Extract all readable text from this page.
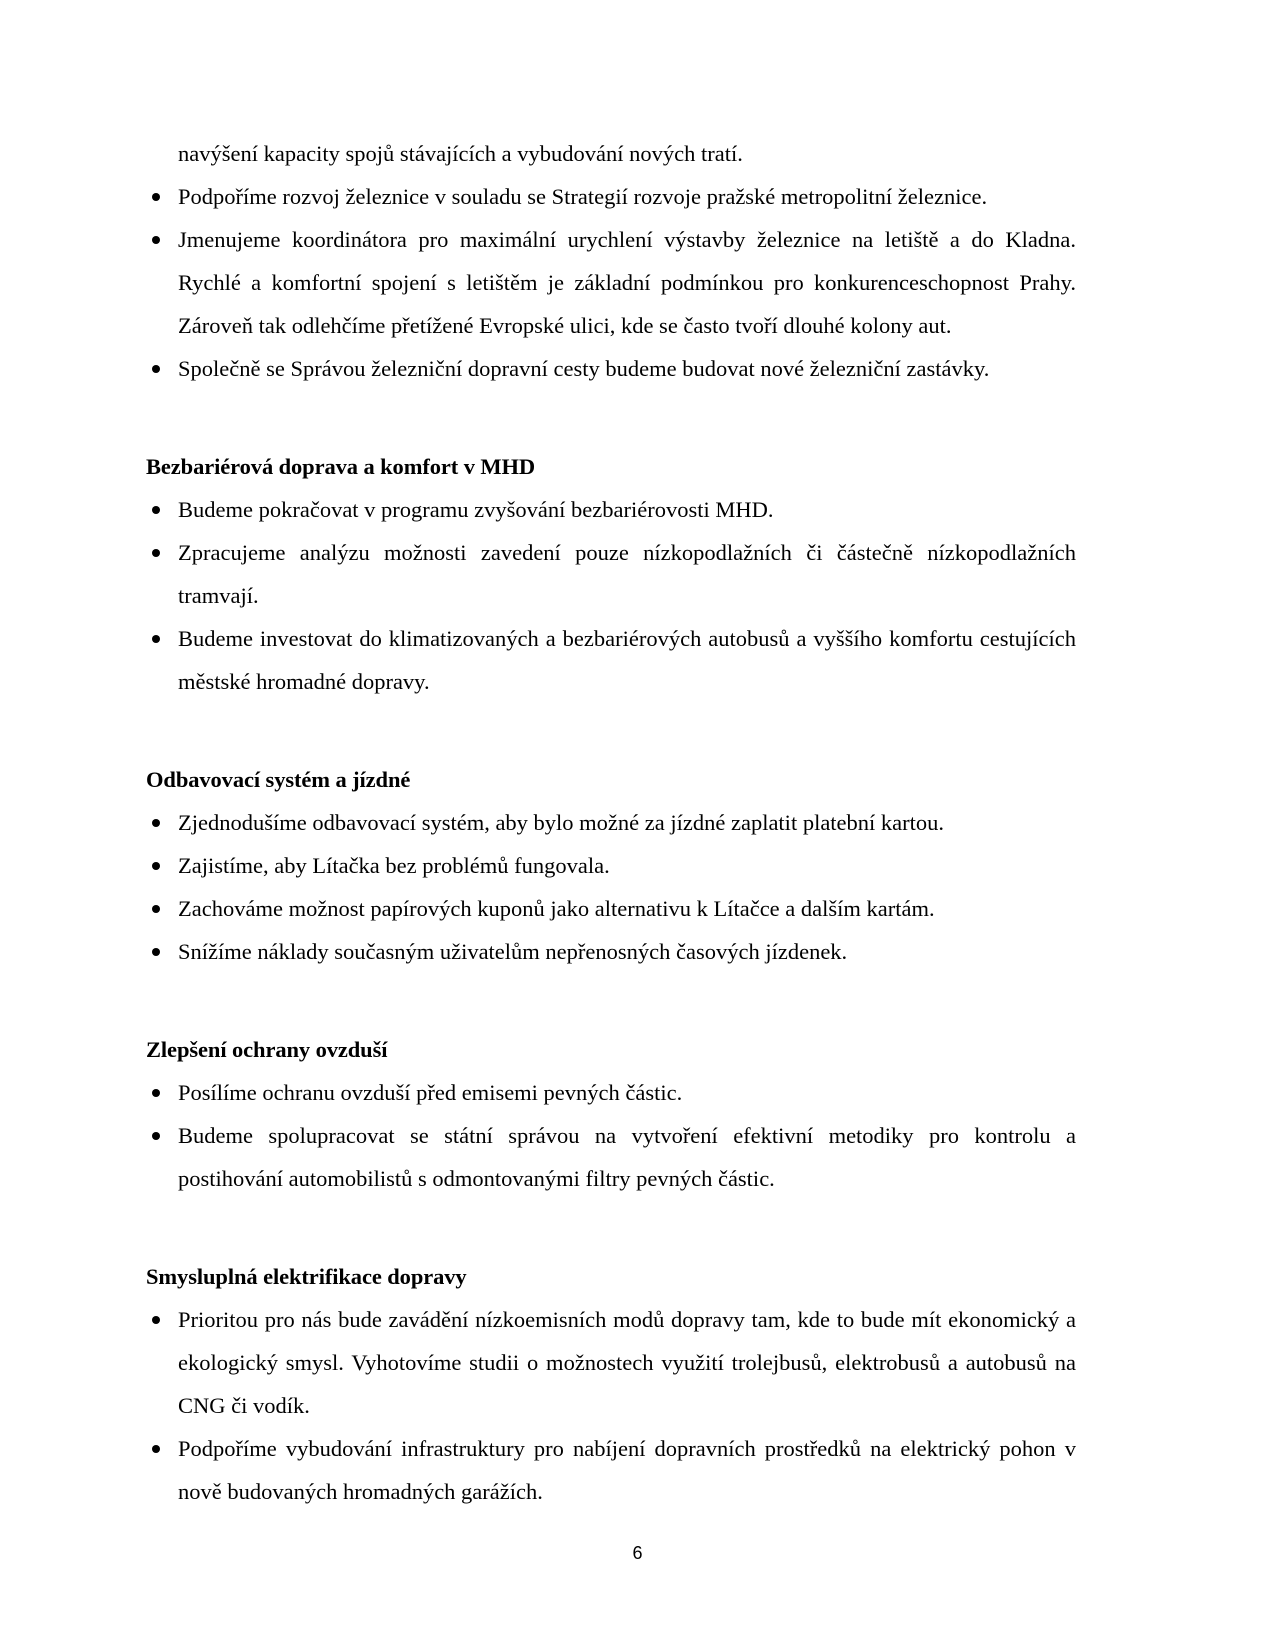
navýšení kapacity spojů stávajících a vybudování nových tratí.

Podpoříme rozvoj železnice v souladu se Strategií rozvoje pražské metropolitní železnice.
Jmenujeme koordinátora pro maximální urychlení výstavby železnice na letiště a do Kladna. Rychlé a komfortní spojení s letištěm je základní podmínkou pro konkurenceschopnost Prahy. Zároveň tak odlehčíme přetížené Evropské ulici, kde se často tvoří dlouhé kolony aut.
Společně se Správou železniční dopravní cesty budeme budovat nové železniční zastávky.
Bezbariérová doprava a komfort v MHD
Budeme pokračovat v programu zvyšování bezbariérovosti MHD.
Zpracujeme analýzu možnosti zavedení pouze nízkopodlažních či částečně nízkopodlažních tramvají.
Budeme investovat do klimatizovaných a bezbariérových autobusů a vyššího komfortu cestujících městské hromadné dopravy.
Odbavovací systém a jízdné
Zjednodušíme odbavovací systém, aby bylo možné za jízdné zaplatit platební kartou.
Zajistíme, aby Lítačka bez problémů fungovala.
Zachováme možnost papírových kuponů jako alternativu k Lítačce a dalším kartám.
Snížíme náklady současným uživatelům nepřenosných časových jízdenek.
Zlepšení ochrany ovzduší
Posílíme ochranu ovzduší před emisemi pevných částic.
Budeme spolupracovat se státní správou na vytvoření efektivní metodiky pro kontrolu a postihování automobilistů s odmontovanými filtry pevných částic.
Smysluplná elektrifikace dopravy
Prioritou pro nás bude zavádění nízkoemisních modů dopravy tam, kde to bude mít ekonomický a ekologický smysl. Vyhotovíme studii o možnostech využití trolejbusů, elektrobusů a autobusů na CNG či vodík.
Podpoříme vybudování infrastruktury pro nabíjení dopravních prostředků na elektrický pohon v nově budovaných hromadných garážích.
6
